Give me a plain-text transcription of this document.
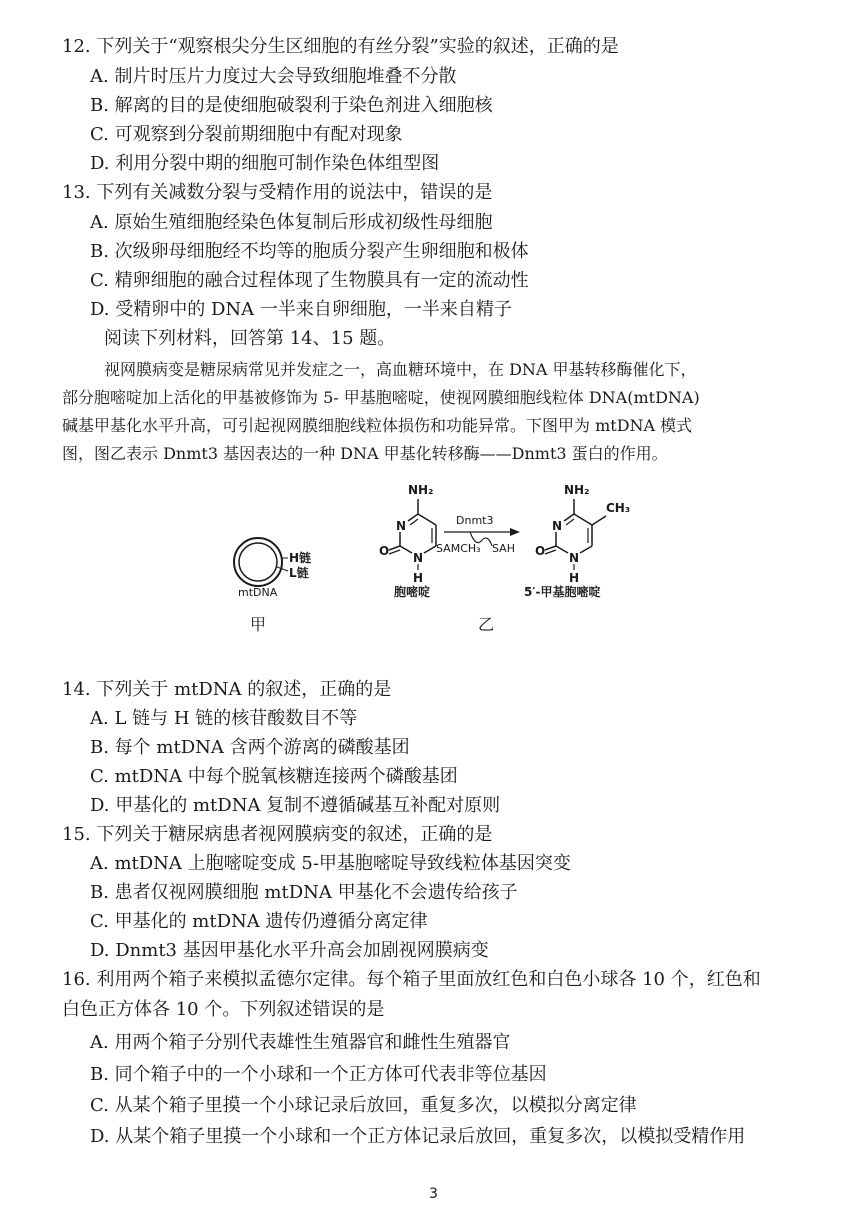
12. 下列关于“观察根尖分生区细胞的有丝分裂”实验的叙述，正确的是
A. 制片时压片力度过大会导致细胞堆叠不分散
B. 解离的目的是使细胞破裂利于染色剂进入细胞核
C. 可观察到分裂前期细胞中有配对现象
D. 利用分裂中期的细胞可制作染色体组型图
13. 下列有关减数分裂与受精作用的说法中，错误的是
A. 原始生殖细胞经染色体复制后形成初级性母细胞
B. 次级卵母细胞经不均等的胞质分裂产生卵细胞和极体
C. 精卵细胞的融合过程体现了生物膜具有一定的流动性
D. 受精卵中的 DNA 一半来自卵细胞，一半来自精子
阅读下列材料，回答第 14、15 题。
视网膜病变是糖尿病常见并发症之一，高血糖环境中，在 DNA 甲基转移酶催化下，
部分胞嘧啶加上活化的甲基被修饰为 5- 甲基胞嘧啶，使视网膜细胞线粒体 DNA(mtDNA)
碱基甲基化水平升高，可引起视网膜细胞线粒体损伤和功能异常。下图甲为 mtDNA 模式
图，图乙表示 Dnmt3 基因表达的一种 DNA 甲基化转移酶——Dnmt3 蛋白的作用。
H链
L链
mtDNA
甲
NH₂
N
N
H
O
胞嘧啶
Dnmt3
SAMCH₃ SAH
NH₂
CH₃
N
N
H
O
5′-甲基胞嘧啶
乙
14. 下列关于 mtDNA 的叙述，正确的是
A. L 链与 H 链的核苷酸数目不等
B. 每个 mtDNA 含两个游离的磷酸基团
C. mtDNA 中每个脱氧核糖连接两个磷酸基团
D. 甲基化的 mtDNA 复制不遵循碱基互补配对原则
15. 下列关于糖尿病患者视网膜病变的叙述，正确的是
A. mtDNA 上胞嘧啶变成 5-甲基胞嘧啶导致线粒体基因突变
B. 患者仅视网膜细胞 mtDNA 甲基化不会遗传给孩子
C. 甲基化的 mtDNA 遗传仍遵循分离定律
D. Dnmt3 基因甲基化水平升高会加剧视网膜病变
16. 利用两个箱子来模拟孟德尔定律。每个箱子里面放红色和白色小球各 10 个，红色和
白色正方体各 10 个。下列叙述错误的是
A. 用两个箱子分别代表雄性生殖器官和雌性生殖器官
B. 同个箱子中的一个小球和一个正方体可代表非等位基因
C. 从某个箱子里摸一个小球记录后放回，重复多次，以模拟分离定律
D. 从某个箱子里摸一个小球和一个正方体记录后放回，重复多次，以模拟受精作用
3
